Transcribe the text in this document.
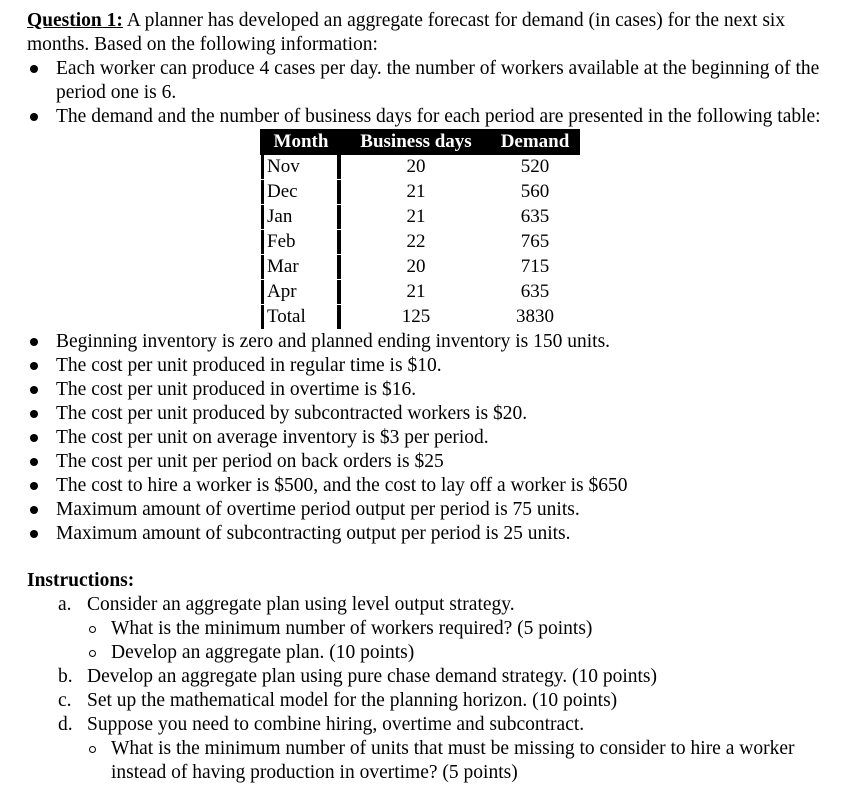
Question 1: A planner has developed an aggregate forecast for demand (in cases) for the next six months. Based on the following information:

Each worker can produce 4 cases per day. the number of workers available at the beginning of the period one is 6.
The demand and the number of business days for each period are presented in the following table:
Month	Business days	Demand

Nov	20	520

Dec	21	560

Jan	21	635

Feb	22	765

Mar	20	715

Apr	21	635

Total	125	3830
Beginning inventory is zero and planned ending inventory is 150 units.
The cost per unit produced in regular time is $10.
The cost per unit produced in overtime is $16.
The cost per unit produced by subcontracted workers is $20.
The cost per unit on average inventory is $3 per period.
The cost per unit per period on back orders is $25
The cost to hire a worker is $500, and the cost to lay off a worker is $650
Maximum amount of overtime period output per period is 75 units.
Maximum amount of subcontracting output per period is 25 units.
Instructions:
a. Consider an aggregate plan using level output strategy.
What is the minimum number of workers required? (5 points)
Develop an aggregate plan. (10 points)
b. Develop an aggregate plan using pure chase demand strategy. (10 points)
c. Set up the mathematical model for the planning horizon. (10 points)
d. Suppose you need to combine hiring, overtime and subcontract.
What is the minimum number of units that must be missing to consider to hire a worker instead of having production in overtime? (5 points)
